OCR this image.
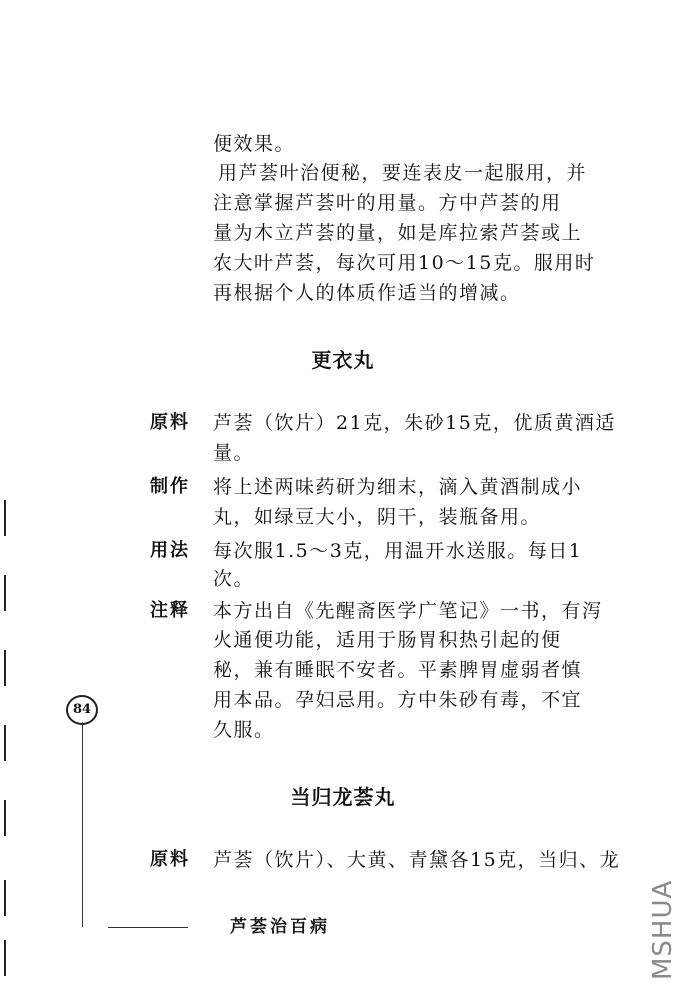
便效果。
用芦荟叶治便秘，要连表皮一起服用，并
注意掌握芦荟叶的用量。方中芦荟的用
量为木立芦荟的量，如是库拉索芦荟或上
农大叶芦荟，每次可用10～15克。服用时
再根据个人的体质作适当的增减。
更衣丸
原料 芦荟（饮片）21克，朱砂15克，优质黄酒适
量。
制作 将上述两味药研为细末，滴入黄酒制成小
丸，如绿豆大小，阴干，装瓶备用。
用法 每次服1.5～3克，用温开水送服。每日1
次。
注释 本方出自《先醒斋医学广笔记》一书，有泻
火通便功能，适用于肠胃积热引起的便
秘，兼有睡眠不安者。平素脾胃虚弱者慎
用本品。孕妇忌用。方中朱砂有毒，不宜
久服。
当归龙荟丸
原料 芦荟（饮片）、大黄、青黛各15克，当归、龙
84
芦荟治百病	MSHUA
